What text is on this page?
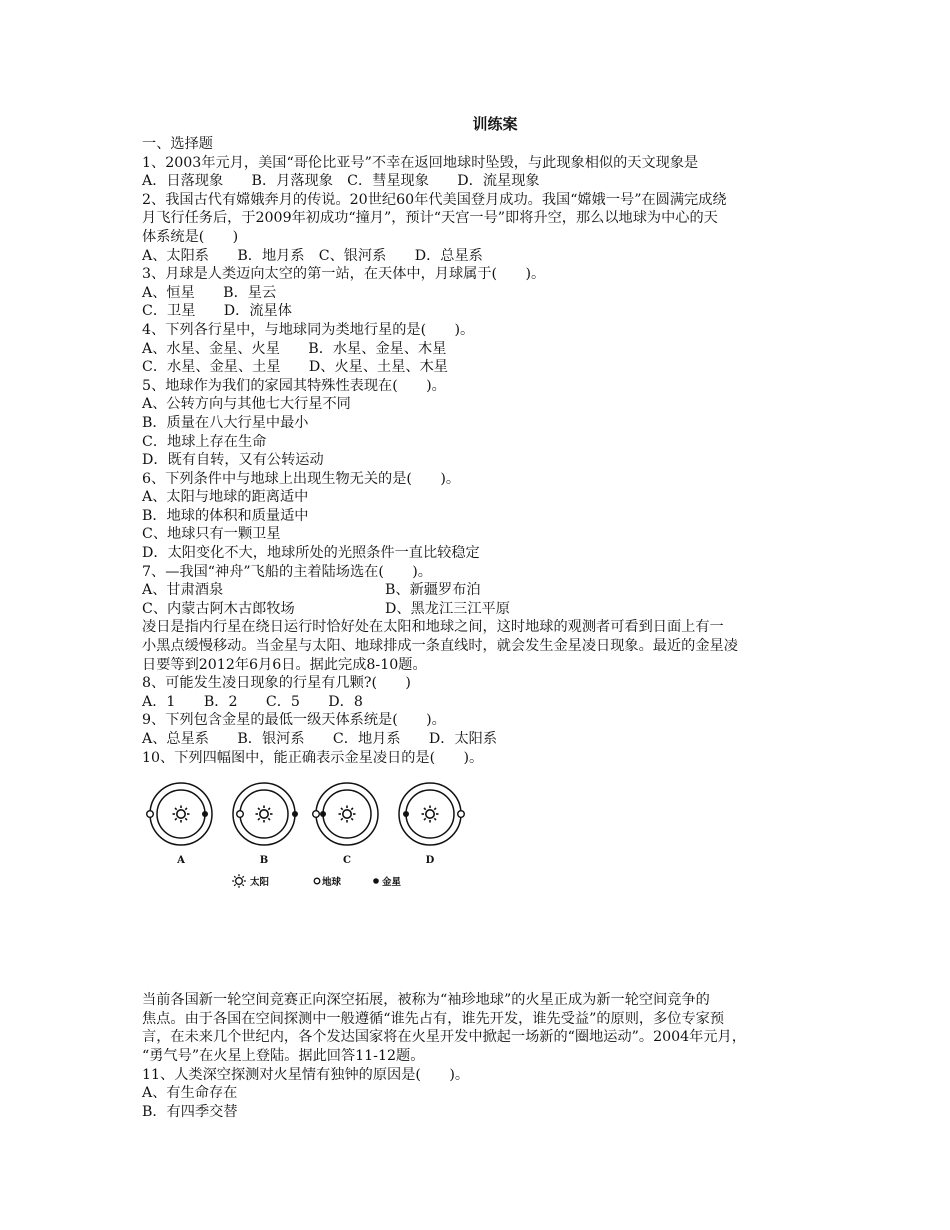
训练案
一、选择题
1、2003年元月，美国“哥伦比亚号”不幸在返回地球时坠毁，与此现象相似的天文现象是
A．日落现象　　B．月落现象　C．彗星现象　　D．流星现象
2、我国古代有嫦娥奔月的传说。20世纪60年代美国登月成功。我国“嫦娥一号”在圆满完成绕
月飞行任务后，于2009年初成功“撞月”，预计“天宫一号”即将升空，那么以地球为中心的天
体系统是(　　)
A、太阳系　　B．地月系　C、银河系　　D．总星系
3、月球是人类迈向太空的第一站，在天体中，月球属于(　　)。
A、恒星　　B．星云
C．卫星　　D．流星体
4、下列各行星中，与地球同为类地行星的是(　　)。
A、水星、金星、火星　　B．水星、金星、木星
C．水星、金星、土星　　D、火星、土星、木星
5、地球作为我们的家园其特殊性表现在(　　)。
A、公转方向与其他七大行星不同
B．质量在八大行星中最小
C．地球上存在生命
D．既有自转，又有公转运动
6、下列条件中与地球上出现生物无关的是(　　)。
A、太阳与地球的距离适中
B．地球的体积和质量适中
C、地球只有一颗卫星
D．太阳变化不大，地球所处的光照条件一直比较稳定
7、—我国“神舟”飞船的主着陆场选在(　　)。
A、甘肃酒泉	B、新疆罗布泊
C、内蒙古阿木古郎牧场	D、黑龙江三江平原
凌日是指内行星在绕日运行时恰好处在太阳和地球之间，这时地球的观测者可看到日面上有一
小黑点缓慢移动。当金星与太阳、地球排成一条直线时，就会发生金星凌日现象。最近的金星凌
日要等到2012年6月6日。据此完成8-10题。
8、可能发生凌日现象的行星有几颗?(　　)
A．1　　B．2　　C．5　　D．8
9、下列包含金星的最低一级天体系统是(　　)。
A、总星系　　B．银河系　　C．地月系　　D．太阳系
10、下列四幅图中，能正确表示金星凌日的是(　　)。
A	B	C	D
太阳	地球	金星
当前各国新一轮空间竞赛正向深空拓展，被称为“袖珍地球”的火星正成为新一轮空间竞争的
焦点。由于各国在空间探测中一般遵循“谁先占有，谁先开发，谁先受益”的原则，多位专家预
言，在未来几个世纪内，各个发达国家将在火星开发中掀起一场新的“圈地运动”。2004年元月，
“勇气号”在火星上登陆。据此回答11-12题。
11、人类深空探测对火星情有独钟的原因是(　　)。
A、有生命存在
B．有四季交替
